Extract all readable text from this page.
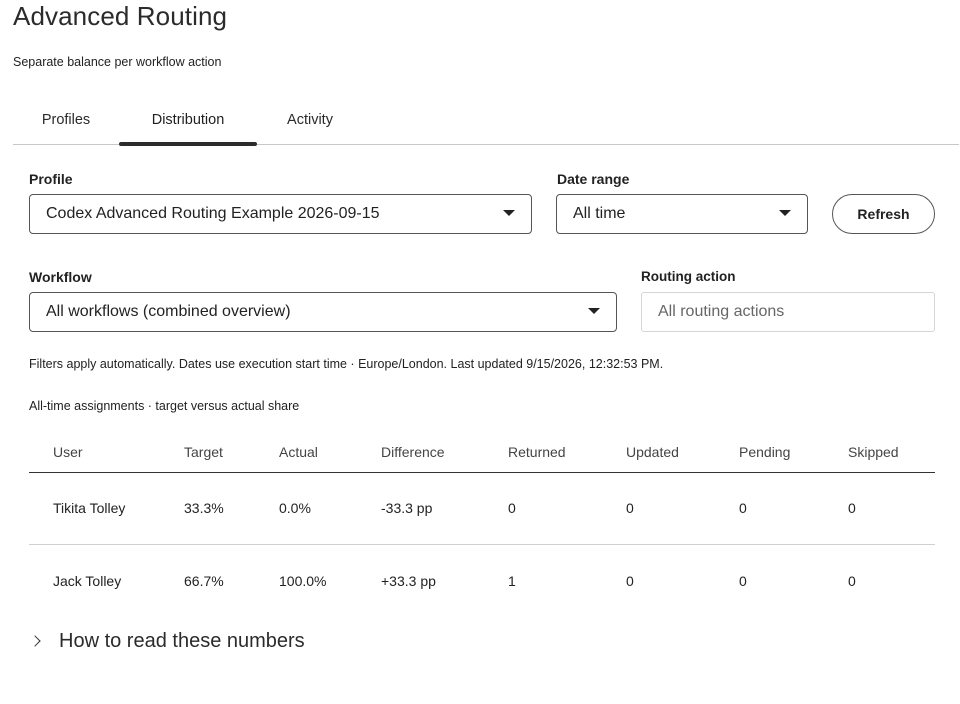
Advanced Routing
Separate balance per workflow action
Profiles	Distribution	Activity
Profile
Codex Advanced Routing Example 2026-09-15
Date range
All time	Refresh
Workflow
All workflows (combined overview)
Routing action
All routing actions
Filters apply automatically. Dates use execution start time · Europe/London. Last updated 9/15/2026, 12:32:53 PM.
All-time assignments · target versus actual share
User	Target	Actual	Difference	Returned	Updated	Pending	Skipped
Tikita Tolley	33.3%	0.0%	-33.3 pp	0	0	0	0
Jack Tolley	66.7%	100.0%	+33.3 pp	1	0	0	0
How to read these numbers
